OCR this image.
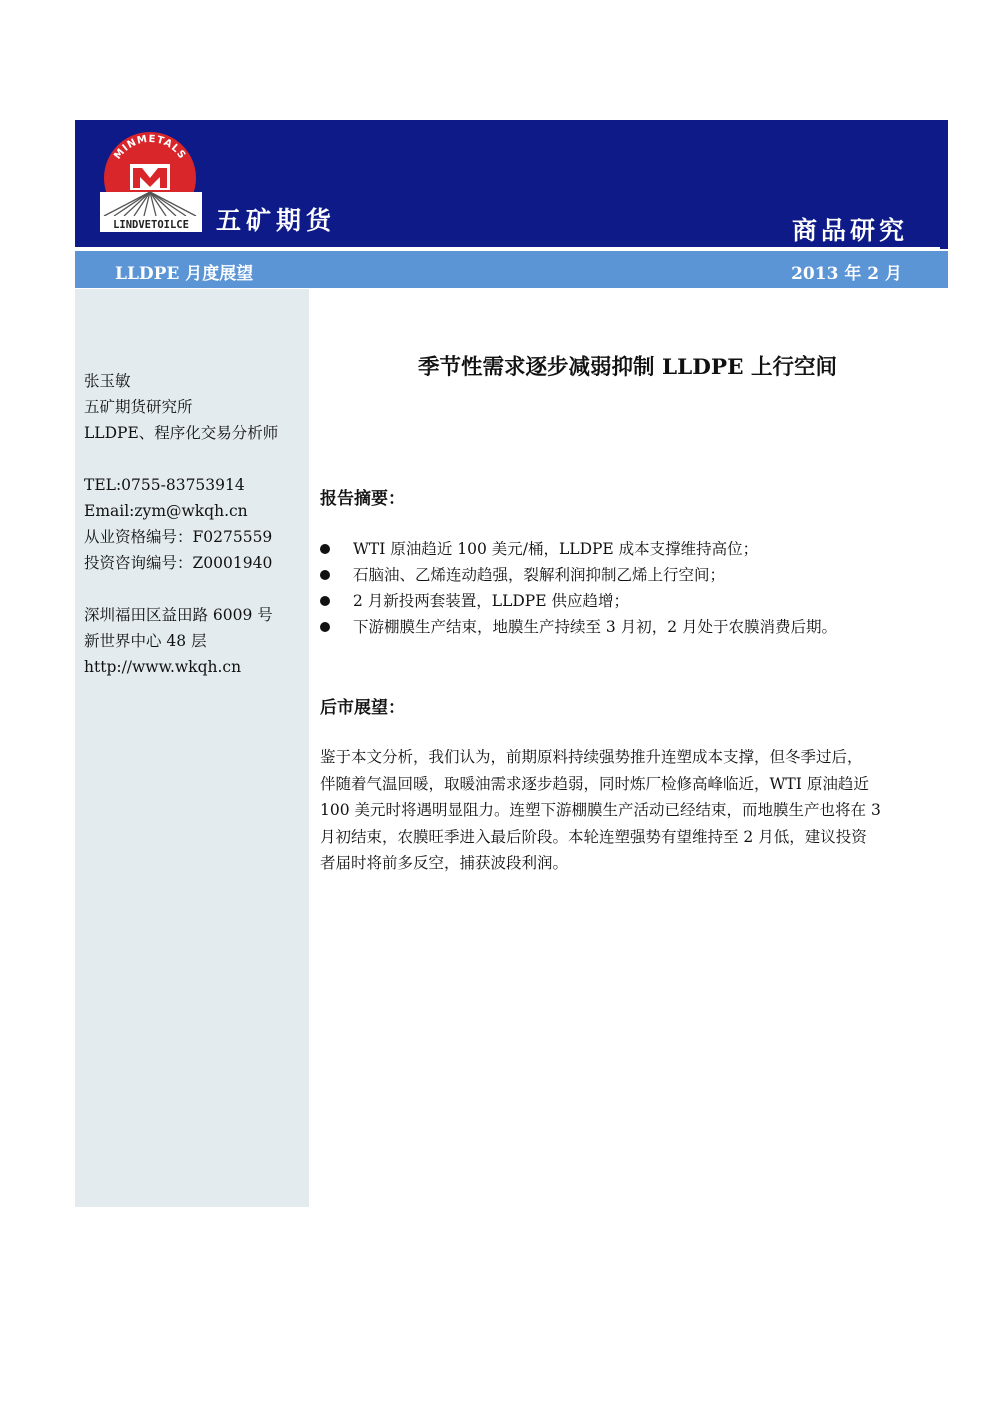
MINMETALS
LINDVETOILCE 五矿期货	商品研究
LLDPE 月度展望	2013 年 2 月
张玉敏
五矿期货研究所
LLDPE、程序化交易分析师
TEL:0755-83753914
Email:zym@wkqh.cn
从业资格编号：F0275559
投资咨询编号：Z0001940
深圳福田区益田路 6009 号
新世界中心 48 层
http://www.wkqh.cn
季节性需求逐步减弱抑制 LLDPE 上行空间
报告摘要：
WTI 原油趋近 100 美元/桶，LLDPE 成本支撑维持高位；
石脑油、乙烯连动趋强，裂解利润抑制乙烯上行空间；
2 月新投两套装置，LLDPE 供应趋增；
下游棚膜生产结束，地膜生产持续至 3 月初，2 月处于农膜消费后期。
后市展望：
鉴于本文分析，我们认为，前期原料持续强势推升连塑成本支撑，但冬季过后，
伴随着气温回暖，取暖油需求逐步趋弱，同时炼厂检修高峰临近，WTI 原油趋近
100 美元时将遇明显阻力。连塑下游棚膜生产活动已经结束，而地膜生产也将在 3
月初结束，农膜旺季进入最后阶段。本轮连塑强势有望维持至 2 月低，建议投资
者届时将前多反空，捕获波段利润。
